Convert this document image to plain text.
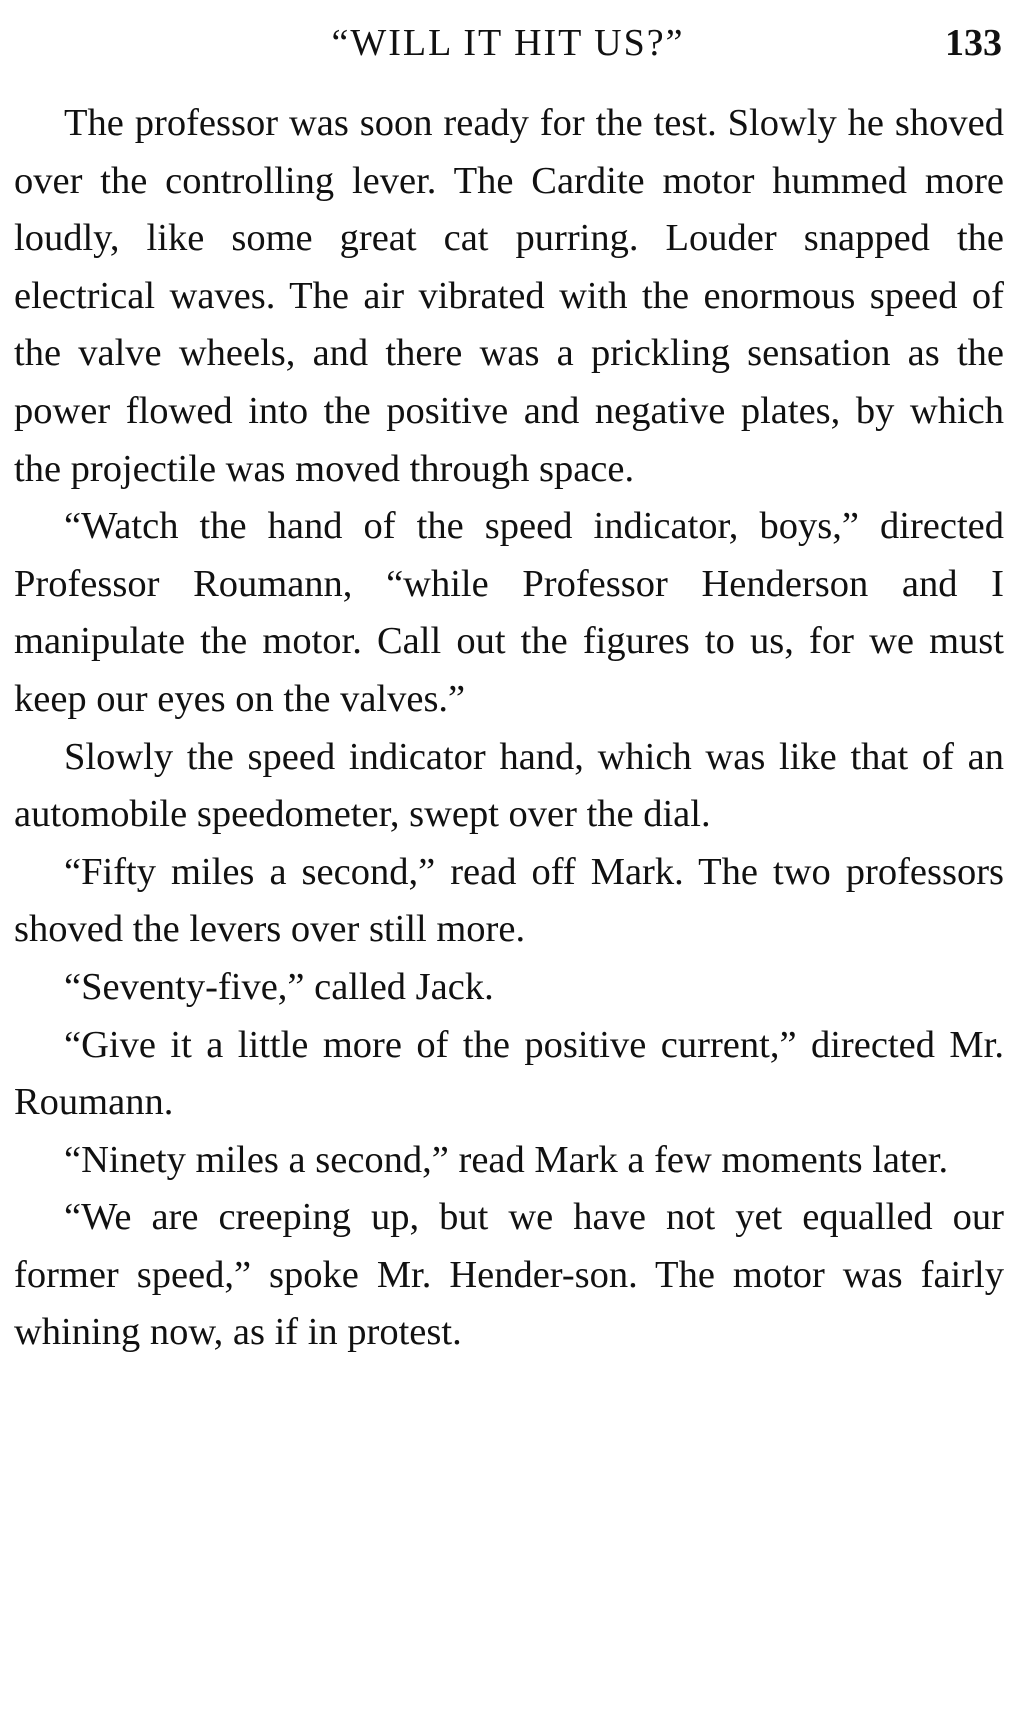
“WILL IT HIT US?”	133

The professor was soon ready for the test. Slowly he shoved over the controlling lever. The Cardite motor hummed more loudly, like some great cat purring. Louder snapped the electrical waves. The air vibrated with the enormous speed of the valve wheels, and there was a prickling sensation as the power flowed into the positive and negative plates, by which the projectile was moved through space.

“Watch the hand of the speed indicator, boys,” directed Professor Roumann, “while Professor Henderson and I manipulate the motor. Call out the figures to us, for we must keep our eyes on the valves.”

Slowly the speed indicator hand, which was like that of an automobile speedometer, swept over the dial.

“Fifty miles a second,” read off Mark. The two professors shoved the levers over still more.

“Seventy-five,” called Jack.

“Give it a little more of the positive current,” directed Mr. Roumann.

“Ninety miles a second,” read Mark a few moments later.

“We are creeping up, but we have not yet equalled our former speed,” spoke Mr. Hender-son. The motor was fairly whining now, as if in protest.
